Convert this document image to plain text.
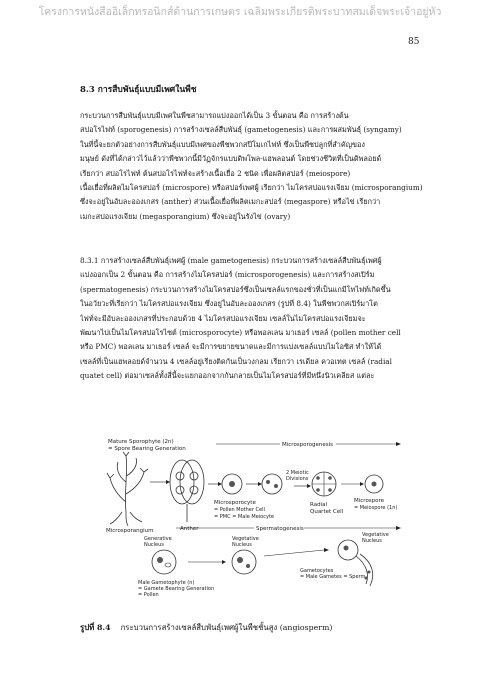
โครงการหนังสืออิเล็กทรอนิกส์ด้านการเกษตร เฉลิมพระเกียรติพระบาทสมเด็จพระเจ้าอยู่หัว
85
8.3 การสืบพันธุ์แบบมีเพศในพืช
กระบวนการสืบพันธุ์แบบมีเพศในพืชสามารถแบ่งออกได้เป็น 3 ขั้นตอน คือ การสร้างต้น
สปอโรไฟท์ (sporogenesis) การสร้างเซลล์สืบพันธุ์ (gametogenesis) และการผสมพันธุ์ (syngamy)
ในที่นี้จะยกตัวอย่างการสืบพันธุ์แบบมีเพศของพืชพวกสปีโมเกไฟท์ ซึ่งเป็นพืชปลูกที่สำคัญของ
มนุษย์ ดังที่ได้กล่าวไว้แล้วว่าพืชพวกนี้มีวัฏจักรแบบดิพโพล-แฮพลอนต์ โดยช่วงชีวิตที่เป็นดิพลอยด์
เรียกว่า สปอโรไฟท์ ต้นสปอโรไฟท์จะสร้างเนื้อเยื่อ 2 ชนิด เพื่อผลิตสปอร์ (meiospore)
เนื้อเยื่อที่ผลิตไมโครสปอร์ (microspore) หรือสปอร์เพศผู้ เรียกว่า ไมโครสปอแรงเจียม (microsporangium)
ซึ่งจะอยู่ในอับละอองเกสร (anther) ส่วนเนื้อเยื่อที่ผลิตเมกะสปอร์ (megaspore) หรือไข่ เรียกว่า
เมกะสปอแรงเจียม (megasporangium) ซึ่งจะอยู่ในรังไข่ (ovary)
8.3.1 การสร้างเซลล์สืบพันธุ์เพศผู้ (male gametogenesis) กระบวนการสร้างเซลล์สืบพันธุ์เพศผู้
แบ่งออกเป็น 2 ขั้นตอน คือ การสร้างไมโครสปอร์ (microsporogenesis) และการสร้างสเปิร์ม
(spermatogenesis) กระบวนการสร้างไมโครสปอร์ซึ่งเป็นเซลล์แรกของชั่วที่เป็นแกมีโทไฟท์เกิดขึ้น
ในอวัยวะที่เรียกว่า ไมโครสปอแรงเจียม ซึ่งอยู่ในอับละอองเกสร (รูปที่ 8.4) ในพืชพวกสเปิร์มาโต
ไฟท์จะมีอับละอองเกสรที่ประกอบด้วย 4 ไมโครสปอแรงเจียม เซลล์ในไมโครสปอแรงเจียมจะ
พัฒนาไปเป็นไมโครสปอโรไซต์ (microsporocyte) หรือพอลเลน มาเธอร์ เซลล์ (pollen mother cell
หรือ PMC) พอลเลน มาเธอร์ เซลล์ จะมีการขยายขนาดและมีการแบ่งเซลล์แบบไมโอซิส ทำให้ได้
เซลล์ที่เป็นแฮพลอยด์จำนวน 4 เซลล์อยู่เรียงติดกันเป็นวงกลม เรียกว่า เรเดียล ควอเทต เซลล์ (radial
quatet cell) ต่อมาเซลล์ทั้งสี่นี้จะแยกออกจากกันกลายเป็นไมโครสปอร์ที่มีหนึ่งนิวเคลียส แต่ละ
Mature Sporophyte (2n)
= Spore Bearing Generation
Microsporogenesis
2 Meiotic
Divisions
Microsporangium	Anther
Microsporocyte
= Pollen Mother Cell
= PMC = Male Meiocyte
Radial
Quartet Cell
Microspore
= Meiospore (1n)
Spermatogenesis
Generative
Nucleus
Vegetative
Nucleus
Vegetative
Nucleus
Gametocytes
= Male Gametes = Sperm
Male Gametophyte (n)
= Gamete Bearing Generation
= Pollen
รูปที่ 8.4 กระบวนการสร้างเซลล์สืบพันธุ์เพศผู้ในพืชชั้นสูง (angiosperm)
